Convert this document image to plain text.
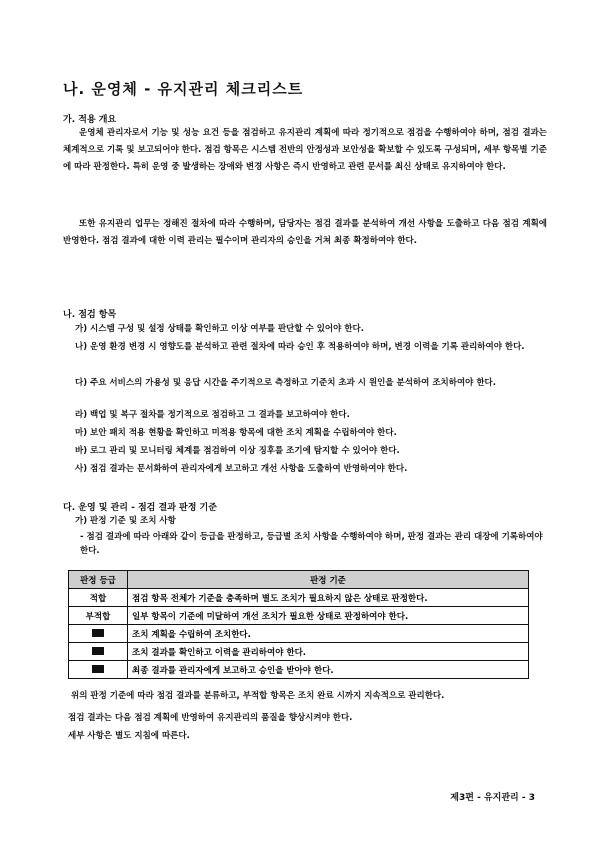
나. 운영체 - 유지관리 체크리스트
가. 적용 개요
운영체 관리자로서 기능 및 성능 요건 등을 점검하고 유지관리 계획에 따라 정기적으로 점검을 수행하여야 하며, 점검 결과는 체계적으로 기록 및 보고되어야 한다. 점검 항목은 시스템 전반의 안정성과 보안성을 확보할 수 있도록 구성되며, 세부 항목별 기준에 따라 판정한다. 특히 운영 중 발생하는 장애와 변경 사항은 즉시 반영하고 관련 문서를 최신 상태로 유지하여야 한다.
또한 유지관리 업무는 정해진 절차에 따라 수행하며, 담당자는 점검 결과를 분석하여 개선 사항을 도출하고 다음 점검 계획에 반영한다. 점검 결과에 대한 이력 관리는 필수이며 관리자의 승인을 거쳐 최종 확정하여야 한다.
나. 점검 항목
가) 시스템 구성 및 설정 상태를 확인하고 이상 여부를 판단할 수 있어야 한다.
나) 운영 환경 변경 시 영향도를 분석하고 관련 절차에 따라 승인 후 적용하여야 하며, 변경 이력을 기록 관리하여야 한다.
다) 주요 서비스의 가용성 및 응답 시간을 주기적으로 측정하고 기준치 초과 시 원인을 분석하여 조치하여야 한다.
라) 백업 및 복구 절차를 정기적으로 점검하고 그 결과를 보고하여야 한다.
마) 보안 패치 적용 현황을 확인하고 미적용 항목에 대한 조치 계획을 수립하여야 한다.
바) 로그 관리 및 모니터링 체계를 점검하여 이상 징후를 조기에 탐지할 수 있어야 한다.
사) 점검 결과는 문서화하여 관리자에게 보고하고 개선 사항을 도출하여 반영하여야 한다.
다. 운영 및 관리 - 점검 결과 판정 기준
가) 판정 기준 및 조치 사항
- 점검 결과에 따라 아래와 같이 등급을 판정하고, 등급별 조치 사항을 수행하여야 하며, 판정 결과는 관리 대장에 기록하여야 한다.
판정 등급	판정 기준
적합	점검 항목 전체가 기준을 충족하며 별도 조치가 필요하지 않은 상태로 판정한다.
부적합	일부 항목이 기준에 미달하여 개선 조치가 필요한 상태로 판정하여야 한다.
	조치 계획을 수립하여 조치한다.
	조치 결과를 확인하고 이력을 관리하여야 한다.
	최종 결과를 관리자에게 보고하고 승인을 받아야 한다.
위의 판정 기준에 따라 점검 결과를 분류하고, 부적합 항목은 조치 완료 시까지 지속적으로 관리한다.
점검 결과는 다음 점검 계획에 반영하여 유지관리의 품질을 향상시켜야 한다.
세부 사항은 별도 지침에 따른다.
제3편 - 유지관리 - 3
